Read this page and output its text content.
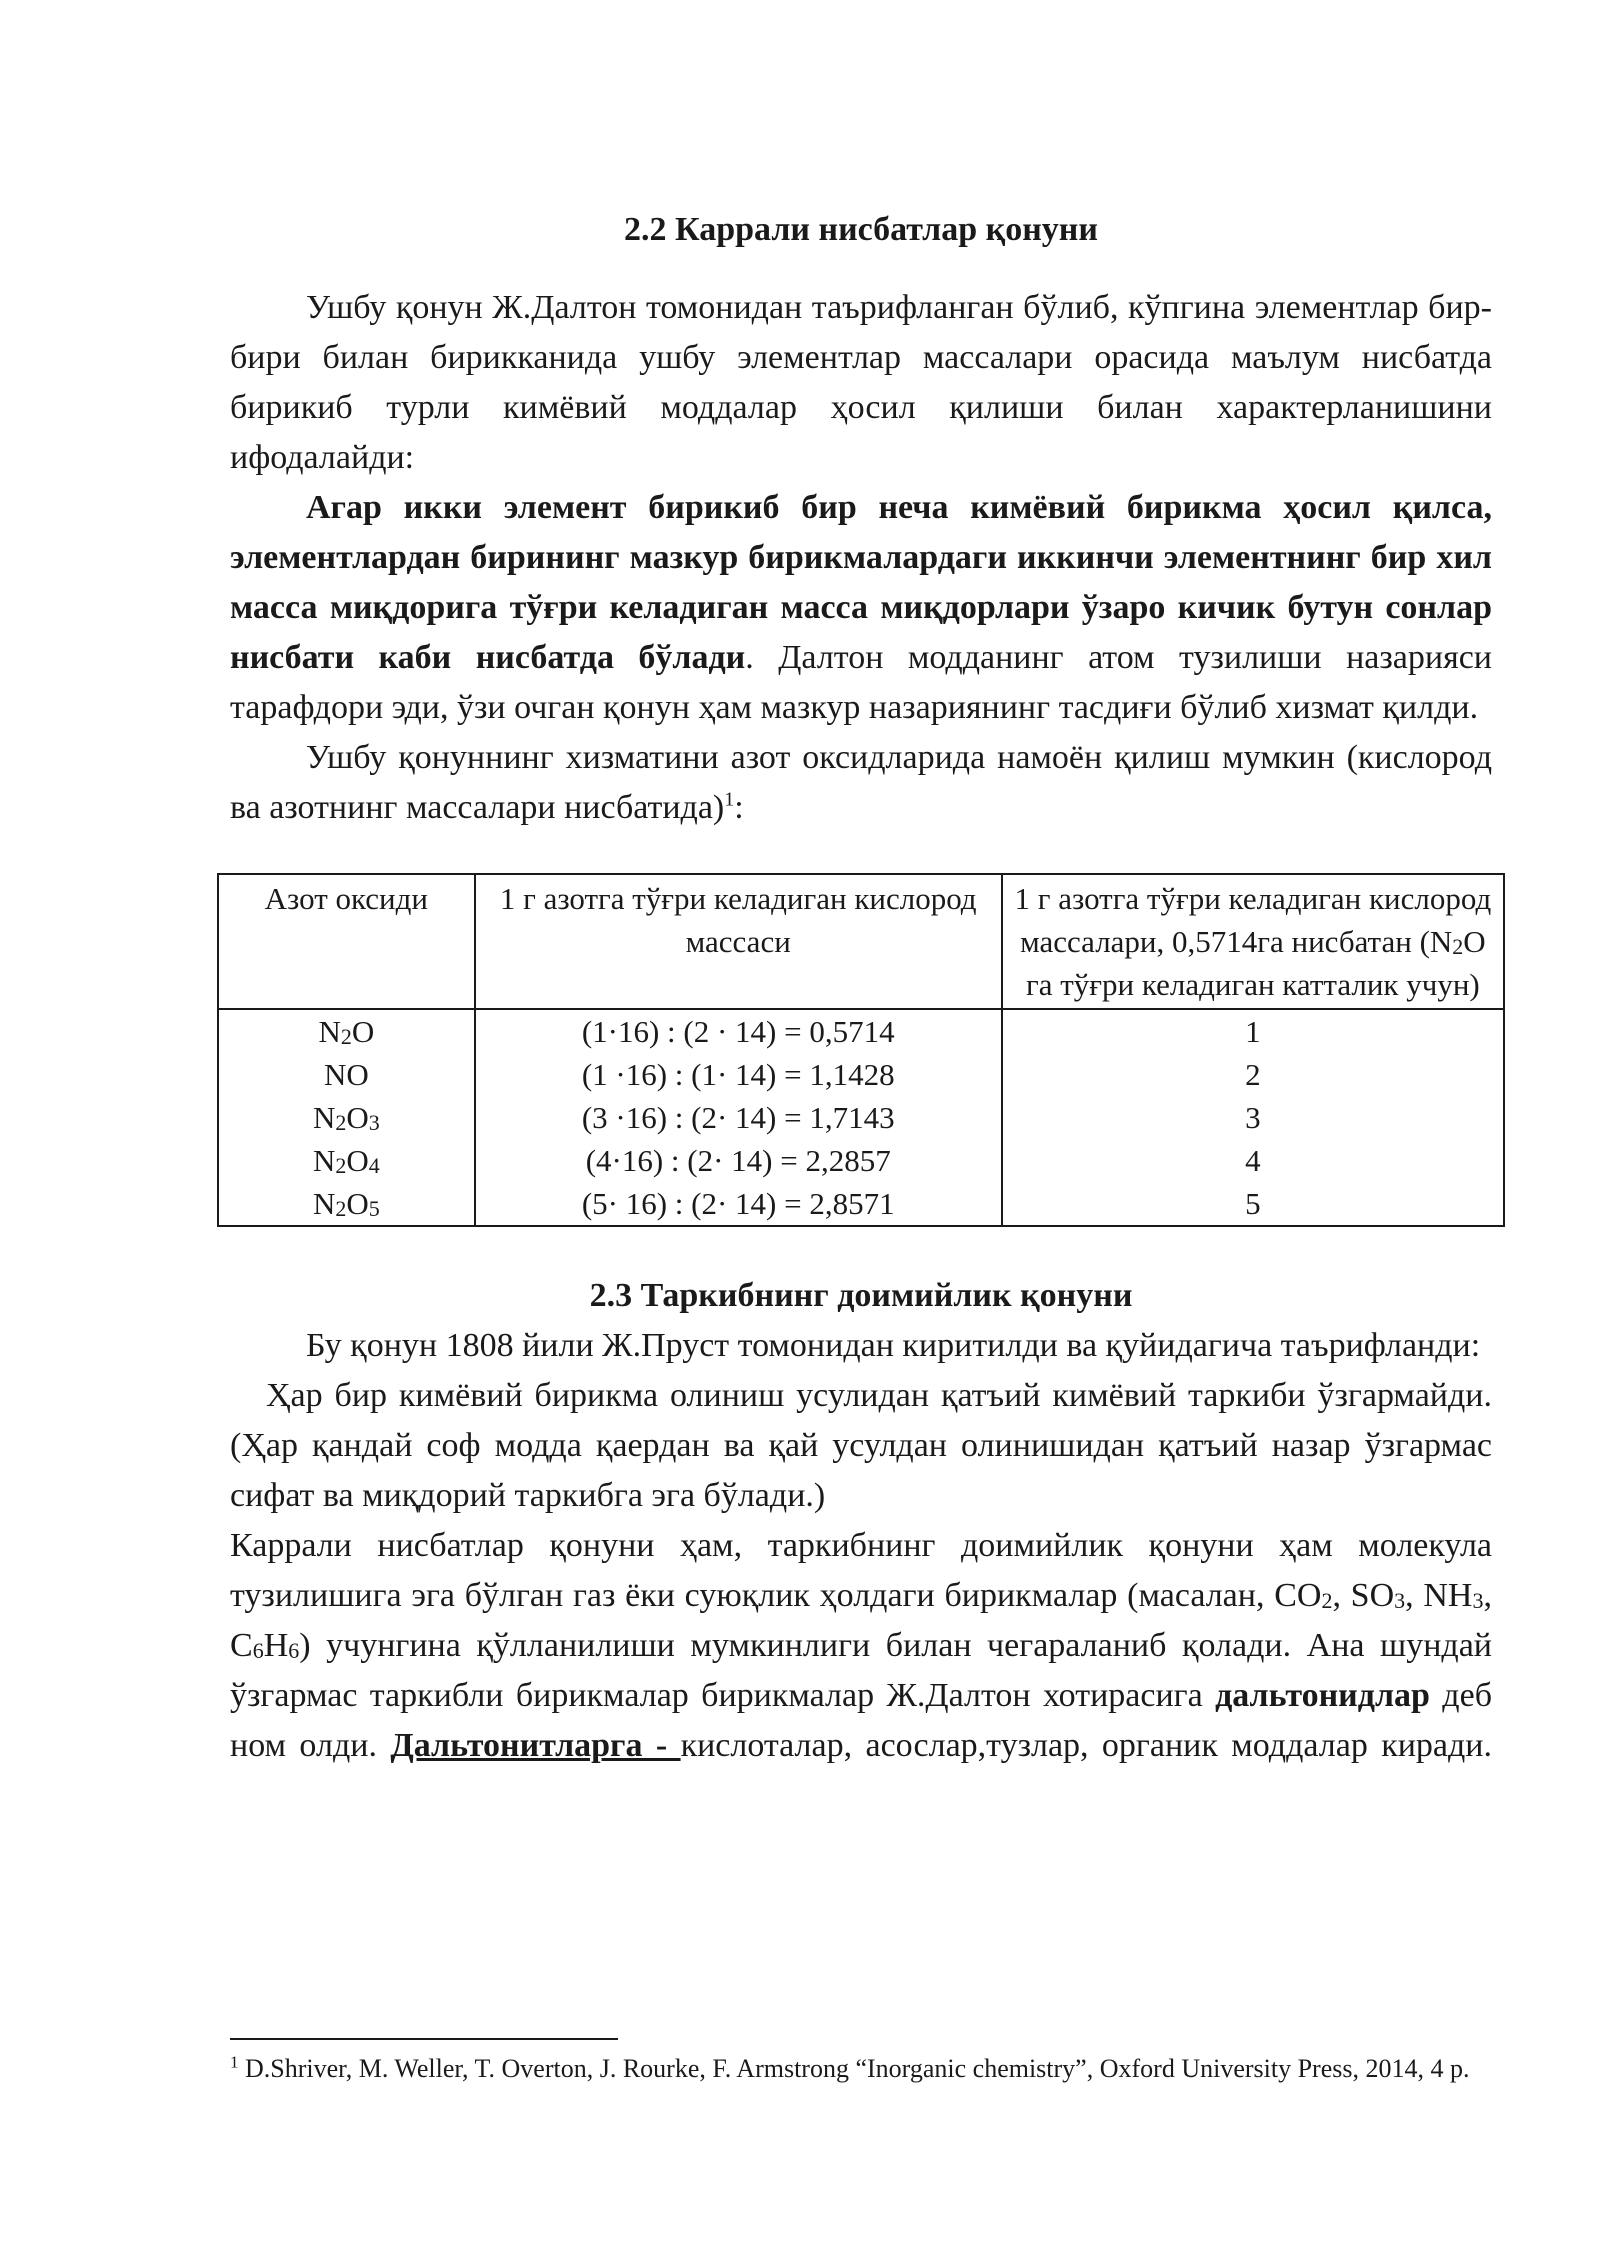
2.2 Каррали нисбатлар қонуни

Ушбу қонун Ж.Далтон томонидан таърифланган бўлиб, кўпгина элементлар бир-бири билан бирикканида ушбу элементлар массалари орасида маълум нисбатда бирикиб турли кимёвий моддалар ҳосил қилиши билан характерланишини ифодалайди:

Агар икки элемент бирикиб бир неча кимёвий бирикма ҳосил қилса, элементлардан бирининг мазкур бирикмалардаги иккинчи элементнинг бир хил масса миқдорига тўғри келадиган масса миқдорлари ўзаро кичик бутун сонлар нисбати каби нисбатда бўлади. Далтон модданинг атом тузилиши назарияси тарафдори эди, ўзи очган қонун ҳам мазкур назариянинг тасдиғи бўлиб хизмат қилди.

Ушбу қонуннинг хизматини азот оксидларида намоён қилиш мумкин (кислород ва азотнинг массалари нисбатида)$^1$:

Азот оксиди	1 г азотга тўғри келадиган кислород массаси	1 г азотга тўғри келадиган кислород массалари, 0,5714га нисбатан ($N_2O$ га тўғри келадиган катталик учун)
$N_2O$	(1·16) : (2 · 14) = 0,5714	1
NO	(1 ·16) : (1· 14) = 1,1428	2
$N_2O_3$	(3 ·16) : (2· 14) = 1,7143	3
$N_2O_4$	(4·16) : (2· 14) = 2,2857	4
$N_2O_5$	(5· 16) : (2· 14) = 2,8571	5
2.3 Таркибнинг доимийлик қонуни

Бу қонун 1808 йили Ж.Пруст томонидан киритилди ва қуйидагича таърифланди:

Ҳар бир кимёвий бирикма олиниш усулидан қатъий кимёвий таркиби ўзгармайди. (Ҳар қандай соф модда қаердан ва қай усулдан олинишидан қатъий назар ўзгармас сифат ва миқдорий таркибга эга бўлади.)

Каррали нисбатлар қонуни ҳам, таркибнинг доимийлик қонуни ҳам молекула тузилишига эга бўлган газ ёки суюқлик ҳолдаги бирикмалар (масалан, $CO_2$, $SO_3$, $NH_3$, $C_6H_6$) учунгина қўлланилиши мумкинлиги билан чегараланиб қолади. Ана шундай ўзгармас таркибли бирикмалар бирикмалар Ж.Далтон хотирасига дальтонидлар деб ном олди. Дальтонитларга - кислоталар, асослар,тузлар, органик моддалар киради.

$^1$ D.Shriver, M. Weller, T. Overton, J. Rourke, F. Armstrong “Inorganic chemistry”, Oxford University Press, 2014, 4 p.
